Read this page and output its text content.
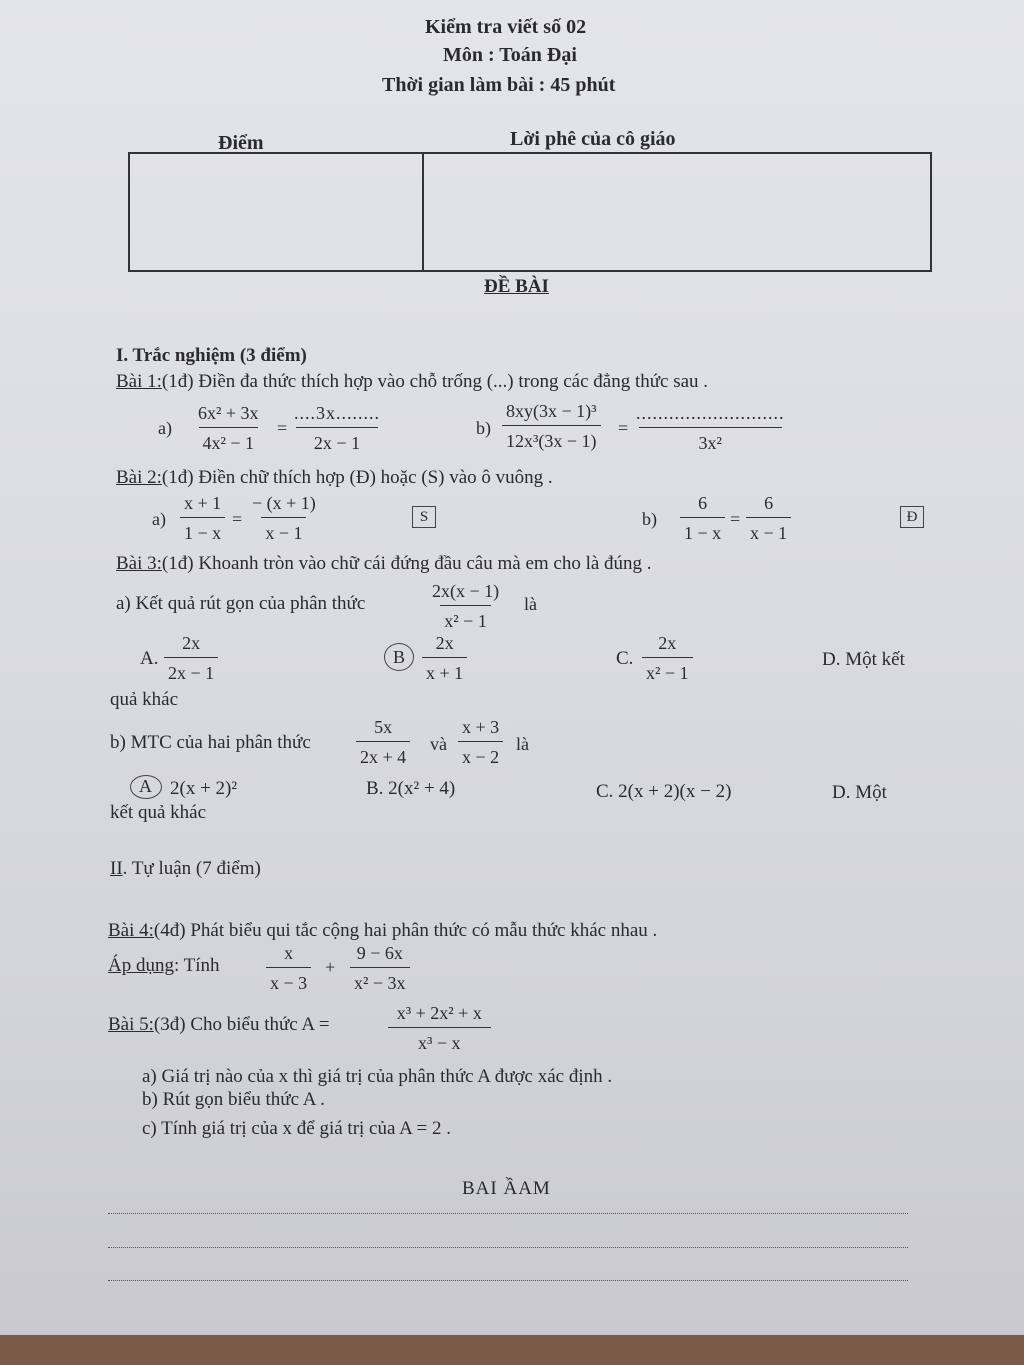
Kiểm tra viết số 02
Môn : Toán Đại
Thời gian làm bài : 45 phút
Điểm	Lời phê của cô giáo
ĐỀ BÀI
I. Trắc nghiệm (3 điểm)
Bài 1:(1đ) Điền đa thức thích hợp vào chỗ trống (...) trong các đẳng thức sau .
$a) \frac{\text{6x² + 3x}}{\text{4x² − 1}} = \frac{....3x........}{2x - 1}$	$b) \frac{\text{8xy(3x − 1)³}}{\text{12x³(3x − 1)}}$ =
...........................
3x²
Bài 2:(1đ) Điền chữ thích hợp (Đ) hoặc (S) vào ô vuông .
$a) \frac{x + 1}{1 - x} = \frac{- (x + 1)}{x - 1}$	S	$b) \frac{6}{1 - x} = \frac{6}{x - 1}$	Đ
Bài 3:(1đ) Khoanh tròn vào chữ cái đứng đầu câu mà em cho là đúng .
a) Kết quả rút gọn của phân thức	$\frac{2x(x - 1)}{\text{x² − 1}}$ là
A. $\frac{2x}{2x - 1}$	B $\frac{2x}{x + 1}$	C. $\frac{2x}{\text{x² − 1}}$	D. Một kết
quả khác
b) MTC của hai phân thức	$\frac{5x}{2x + 4}$ và $\frac{x + 3}{x - 2}$ là
A 2(x + 2)²	B. 2(x² + 4)	C. 2(x + 2)(x − 2)	D. Một
kết quả khác
II. Tự luận (7 điểm)
Bài 4:(4đ) Phát biểu qui tắc cộng hai phân thức có mẫu thức khác nhau .
Áp dụng: Tính	$\frac{x}{x - 3} + \frac{9 - 6x}{\text{x² − 3x}}$
Bài 5:(3đ) Cho biểu thức A =	$\frac{\text{x³ + 2x² + x}}{\text{x³ − x}}$
a) Giá trị nào của x thì giá trị của phân thức A được xác định .
b) Rút gọn biểu thức A .
c) Tính giá trị của x để giá trị của A = 2 .
BAI ẦAM
